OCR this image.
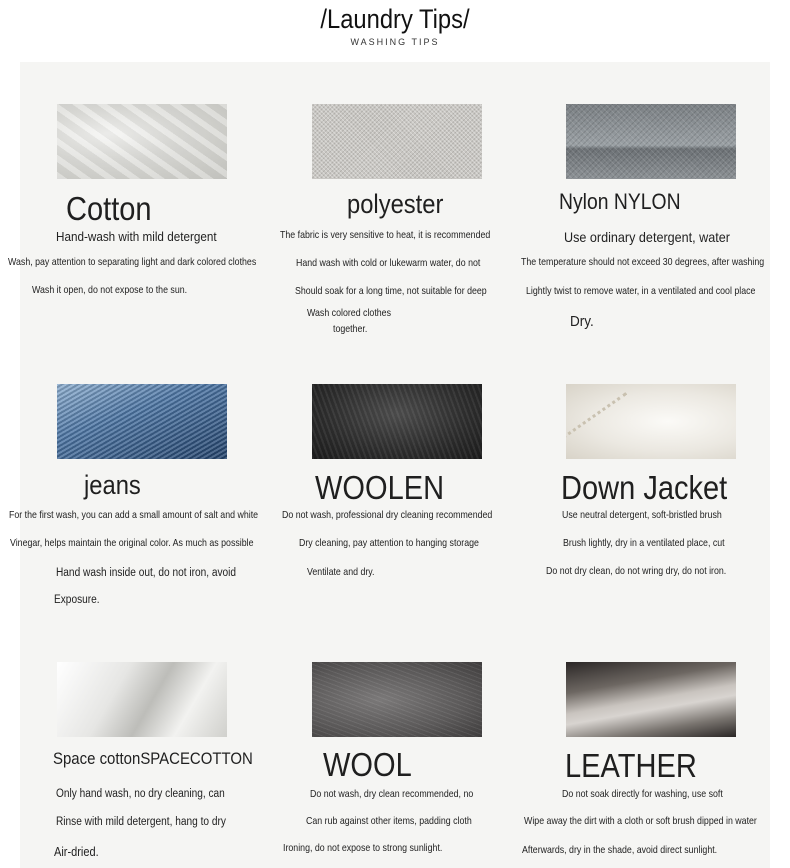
/Laundry Tips/
WASHING TIPS
Cotton
Hand-wash with mild detergent
Wash, pay attention to separating light and dark colored clothes
Wash it open, do not expose to the sun.
polyester
The fabric is very sensitive to heat, it is recommended
Hand wash with cold or lukewarm water, do not
Should soak for a long time, not suitable for deep
Wash colored clothes
together.
Nylon NYLON
Use ordinary detergent, water
The temperature should not exceed 30 degrees, after washing
Lightly twist to remove water, in a ventilated and cool place
Dry.
jeans
For the first wash, you can add a small amount of salt and white
Vinegar, helps maintain the original color. As much as possible
Hand wash inside out, do not iron, avoid
Exposure.
WOOLEN
Do not wash, professional dry cleaning recommended
Dry cleaning, pay attention to hanging storage
Ventilate and dry.
Down Jacket
Use neutral detergent, soft-bristled brush
Brush lightly, dry in a ventilated place, cut
Do not dry clean, do not wring dry, do not iron.
Space cottonSPACECOTTON
Only hand wash, no dry cleaning, can
Rinse with mild detergent, hang to dry
Air-dried.
WOOL
Do not wash, dry clean recommended, no
Can rub against other items, padding cloth
Ironing, do not expose to strong sunlight.
LEATHER
Do not soak directly for washing, use soft
Wipe away the dirt with a cloth or soft brush dipped in water
Afterwards, dry in the shade, avoid direct sunlight.
